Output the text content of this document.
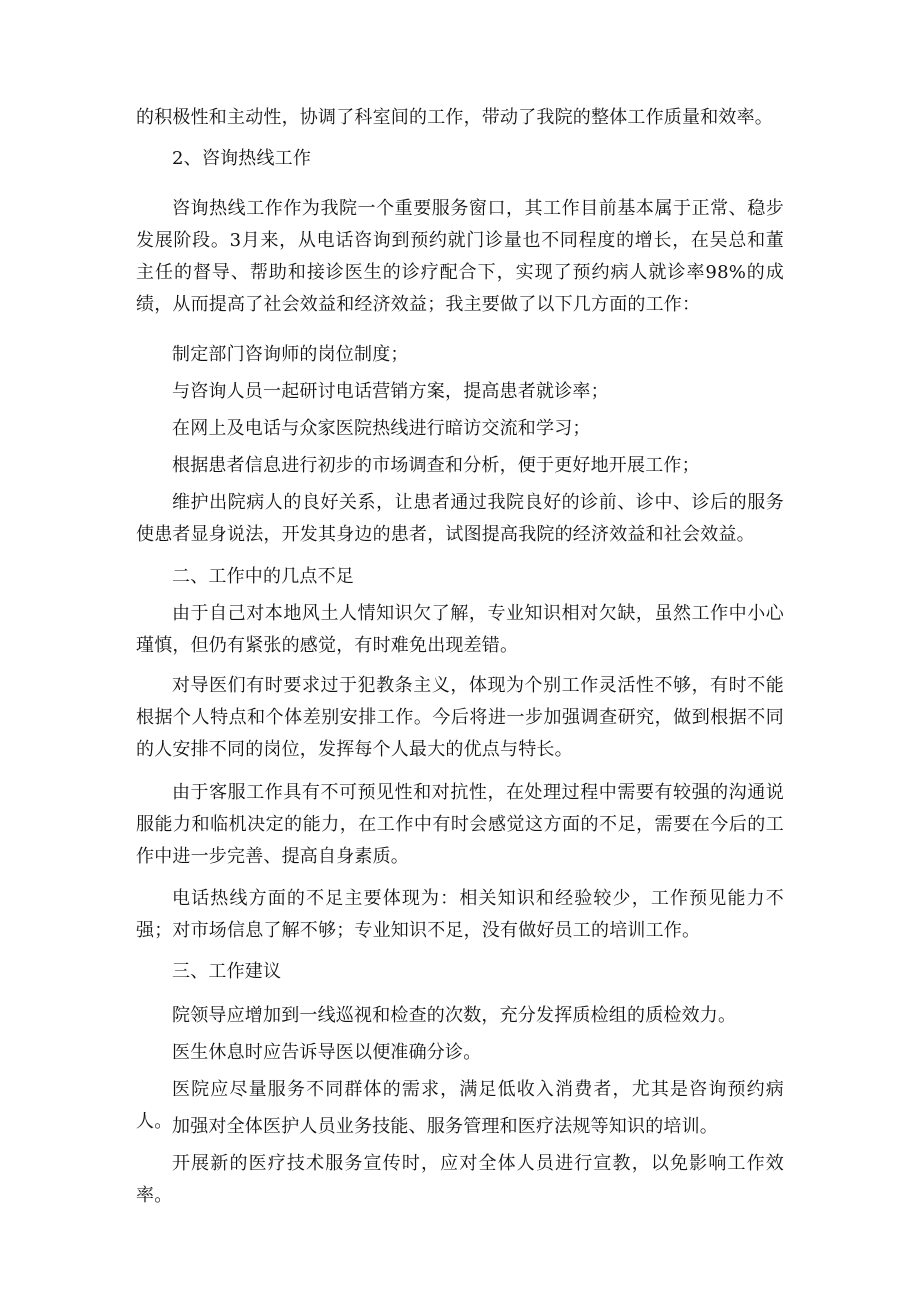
的积极性和主动性，协调了科室间的工作，带动了我院的整体工作质量和效率。

2、咨询热线工作

咨询热线工作作为我院一个重要服务窗口，其工作目前基本属于正常、稳步发展阶段。3月来，从电话咨询到预约就门诊量也不同程度的增长，在吴总和董主任的督导、帮助和接诊医生的诊疗配合下，实现了预约病人就诊率98%的成绩，从而提高了社会效益和经济效益；我主要做了以下几方面的工作：

制定部门咨询师的岗位制度；

与咨询人员一起研讨电话营销方案，提高患者就诊率；

在网上及电话与众家医院热线进行暗访交流和学习；

根据患者信息进行初步的市场调查和分析，便于更好地开展工作；

维护出院病人的良好关系，让患者通过我院良好的诊前、诊中、诊后的服务使患者显身说法，开发其身边的患者，试图提高我院的经济效益和社会效益。

二、工作中的几点不足

由于自己对本地风土人情知识欠了解，专业知识相对欠缺，虽然工作中小心瑾慎，但仍有紧张的感觉，有时难免出现差错。

对导医们有时要求过于犯教条主义，体现为个别工作灵活性不够，有时不能根据个人特点和个体差别安排工作。今后将进一步加强调查研究，做到根据不同的人安排不同的岗位，发挥每个人最大的优点与特长。

由于客服工作具有不可预见性和对抗性，在处理过程中需要有较强的沟通说服能力和临机决定的能力，在工作中有时会感觉这方面的不足，需要在今后的工作中进一步完善、提高自身素质。

电话热线方面的不足主要体现为：相关知识和经验较少，工作预见能力不强；对市场信息了解不够；专业知识不足，没有做好员工的培训工作。

三、工作建议

院领导应增加到一线巡视和检查的次数，充分发挥质检组的质检效力。

医生休息时应告诉导医以便准确分诊。

医院应尽量服务不同群体的需求，满足低收入消费者，尤其是咨询预约病人。 加强对全体医护人员业务技能、服务管理和医疗法规等知识的培训。

开展新的医疗技术服务宣传时，应对全体人员进行宣教，以免影响工作效率。
